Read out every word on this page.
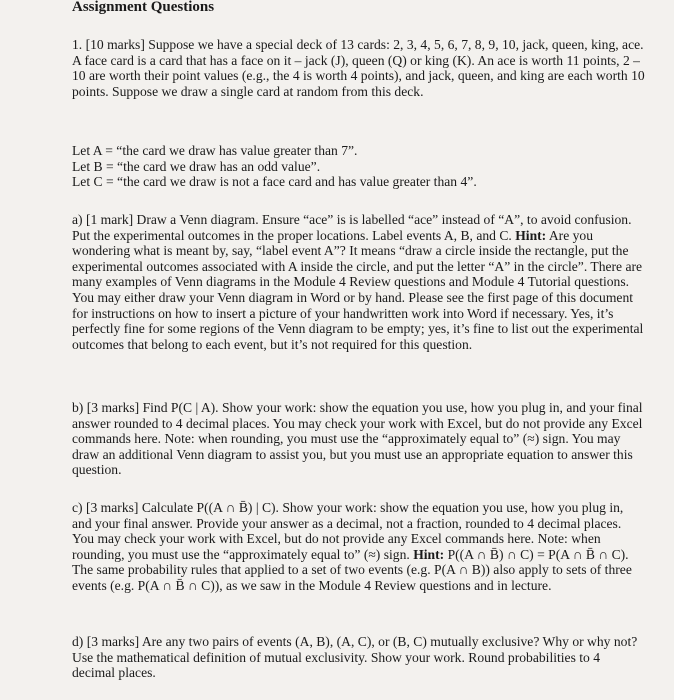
Assignment Questions

1. [10 marks] Suppose we have a special deck of 13 cards: 2, 3, 4, 5, 6, 7, 8, 9, 10, jack, queen, king, ace. A face card is a card that has a face on it – jack (J), queen (Q) or king (K). An ace is worth 11 points, 2 – 10 are worth their point values (e.g., the 4 is worth 4 points), and jack, queen, and king are each worth 10 points. Suppose we draw a single card at random from this deck.

Let A = “the card we draw has value greater than 7”.

Let B = “the card we draw has an odd value”.

Let C = “the card we draw is not a face card and has value greater than 4”.

a) [1 mark] Draw a Venn diagram. Ensure “ace” is is labelled “ace” instead of “A”, to avoid confusion. Put the experimental outcomes in the proper locations. Label events A, B, and C. Hint: Are you wondering what is meant by, say, “label event A”? It means “draw a circle inside the rectangle, put the experimental outcomes associated with A inside the circle, and put the letter “A” in the circle”. There are many examples of Venn diagrams in the Module 4 Review questions and Module 4 Tutorial questions. You may either draw your Venn diagram in Word or by hand. Please see the first page of this document for instructions on how to insert a picture of your handwritten work into Word if necessary. Yes, it’s perfectly fine for some regions of the Venn diagram to be empty; yes, it’s fine to list out the experimental outcomes that belong to each event, but it’s not required for this question.

b) [3 marks] Find P(C | A). Show your work: show the equation you use, how you plug in, and your final answer rounded to 4 decimal places. You may check your work with Excel, but do not provide any Excel commands here. Note: when rounding, you must use the “approximately equal to” (≈) sign. You may draw an additional Venn diagram to assist you, but you must use an appropriate equation to answer this question.

c) [3 marks] Calculate P((A ∩ B̄) | C). Show your work: show the equation you use, how you plug in, and your final answer. Provide your answer as a decimal, not a fraction, rounded to 4 decimal places. You may check your work with Excel, but do not provide any Excel commands here. Note: when rounding, you must use the “approximately equal to” (≈) sign. Hint: P((A ∩ B̄) ∩ C) = P(A ∩ B̄ ∩ C). The same probability rules that applied to a set of two events (e.g. P(A ∩ B)) also apply to sets of three events (e.g. P(A ∩ B̄ ∩ C)), as we saw in the Module 4 Review questions and in lecture.

d) [3 marks] Are any two pairs of events (A, B), (A, C), or (B, C) mutually exclusive? Why or why not? Use the mathematical definition of mutual exclusivity. Show your work. Round probabilities to 4 decimal places.
